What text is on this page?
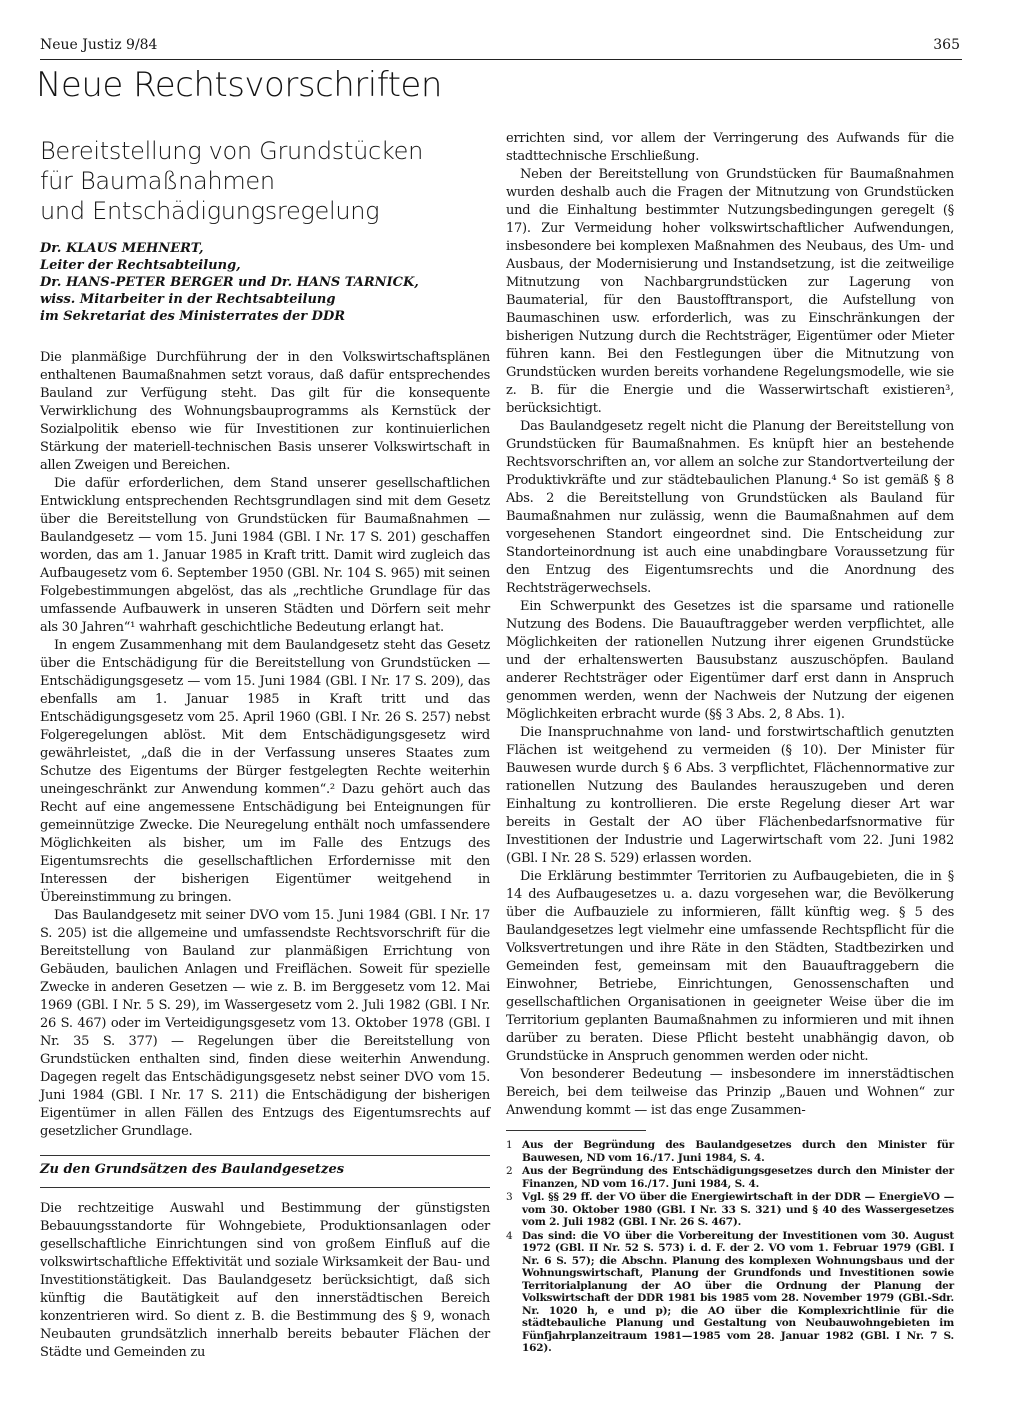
Neue Justiz 9/84	365
Neue Rechtsvorschriften
Bereitstellung von Grundstücken
für Baumaßnahmen
und Entschädigungsregelung
Dr. KLAUS MEHNERT,
Leiter der Rechtsabteilung,
Dr. HANS-PETER BERGER und Dr. HANS TARNICK,
wiss. Mitarbeiter in der Rechtsabteilung
im Sekretariat des Ministerrates der DDR

Die planmäßige Durchführung der in den Volkswirtschaftsplänen enthaltenen Baumaßnahmen setzt voraus, daß dafür entsprechendes Bauland zur Verfügung steht. Das gilt für die konsequente Verwirklichung des Wohnungsbauprogramms als Kernstück der Sozialpolitik ebenso wie für Investitionen zur kontinuierlichen Stärkung der materiell-technischen Basis unserer Volkswirtschaft in allen Zweigen und Bereichen.

Die dafür erforderlichen, dem Stand unserer gesellschaftlichen Entwicklung entsprechenden Rechtsgrundlagen sind mit dem Gesetz über die Bereitstellung von Grundstücken für Baumaßnahmen — Baulandgesetz — vom 15. Juni 1984 (GBl. I Nr. 17 S. 201) geschaffen worden, das am 1. Januar 1985 in Kraft tritt. Damit wird zugleich das Aufbaugesetz vom 6. September 1950 (GBl. Nr. 104 S. 965) mit seinen Folgebestimmungen abgelöst, das als „rechtliche Grundlage für das umfassende Aufbauwerk in unseren Städten und Dörfern seit mehr als 30 Jahren“¹ wahrhaft geschichtliche Bedeutung erlangt hat.

In engem Zusammenhang mit dem Baulandgesetz steht das Gesetz über die Entschädigung für die Bereitstellung von Grundstücken — Entschädigungsgesetz — vom 15. Juni 1984 (GBl. I Nr. 17 S. 209), das ebenfalls am 1. Januar 1985 in Kraft tritt und das Entschädigungsgesetz vom 25. April 1960 (GBl. I Nr. 26 S. 257) nebst Folgeregelungen ablöst. Mit dem Entschädigungsgesetz wird gewährleistet, „daß die in der Verfassung unseres Staates zum Schutze des Eigentums der Bürger festgelegten Rechte weiterhin uneingeschränkt zur Anwendung kommen“.² Dazu gehört auch das Recht auf eine angemessene Entschädigung bei Enteignungen für gemeinnützige Zwecke. Die Neuregelung enthält noch umfassendere Möglichkeiten als bisher, um im Falle des Entzugs des Eigentumsrechts die gesellschaftlichen Erfordernisse mit den Interessen der bisherigen Eigentümer weitgehend in Übereinstimmung zu bringen.

Das Baulandgesetz mit seiner DVO vom 15. Juni 1984 (GBl. I Nr. 17 S. 205) ist die allgemeine und umfassendste Rechtsvorschrift für die Bereitstellung von Bauland zur planmäßigen Errichtung von Gebäuden, baulichen Anlagen und Freiflächen. Soweit für spezielle Zwecke in anderen Gesetzen — wie z. B. im Berggesetz vom 12. Mai 1969 (GBl. I Nr. 5 S. 29), im Wassergesetz vom 2. Juli 1982 (GBl. I Nr. 26 S. 467) oder im Verteidigungsgesetz vom 13. Oktober 1978 (GBl. I Nr. 35 S. 377) — Regelungen über die Bereitstellung von Grundstücken enthalten sind, finden diese weiterhin Anwendung. Dagegen regelt das Entschädigungsgesetz nebst seiner DVO vom 15. Juni 1984 (GBl. I Nr. 17 S. 211) die Entschädigung der bisherigen Eigentümer in allen Fällen des Entzugs des Eigentumsrechts auf gesetzlicher Grundlage.

Zu den Grundsätzen des Baulandgesetzes

Die rechtzeitige Auswahl und Bestimmung der günstigsten Bebauungsstandorte für Wohngebiete, Produktionsanlagen oder gesellschaftliche Einrichtungen sind von großem Einfluß auf die volkswirtschaftliche Effektivität und soziale Wirksamkeit der Bau- und Investitionstätigkeit. Das Baulandgesetz berücksichtigt, daß sich künftig die Bautätigkeit auf den innerstädtischen Bereich konzentrieren wird. So dient z. B. die Bestimmung des § 9, wonach Neubauten grundsätzlich innerhalb bereits bebauter Flächen der Städte und Gemeinden zu

errichten sind, vor allem der Verringerung des Aufwands für die stadttechnische Erschließung.

Neben der Bereitstellung von Grundstücken für Baumaßnahmen wurden deshalb auch die Fragen der Mitnutzung von Grundstücken und die Einhaltung bestimmter Nutzungsbedingungen geregelt (§ 17). Zur Vermeidung hoher volkswirtschaftlicher Aufwendungen, insbesondere bei komplexen Maßnahmen des Neubaus, des Um- und Ausbaus, der Modernisierung und Instandsetzung, ist die zeitweilige Mitnutzung von Nachbargrundstücken zur Lagerung von Baumaterial, für den Baustofftransport, die Aufstellung von Baumaschinen usw. erforderlich, was zu Einschränkungen der bisherigen Nutzung durch die Rechtsträger, Eigentümer oder Mieter führen kann. Bei den Festlegungen über die Mitnutzung von Grundstücken wurden bereits vorhandene Regelungsmodelle, wie sie z. B. für die Energie und die Wasserwirtschaft existieren³, berücksichtigt.

Das Baulandgesetz regelt nicht die Planung der Bereitstellung von Grundstücken für Baumaßnahmen. Es knüpft hier an bestehende Rechtsvorschriften an, vor allem an solche zur Standortverteilung der Produktivkräfte und zur städtebaulichen Planung.⁴ So ist gemäß § 8 Abs. 2 die Bereitstellung von Grundstücken als Bauland für Baumaßnahmen nur zulässig, wenn die Baumaßnahmen auf dem vorgesehenen Standort eingeordnet sind. Die Entscheidung zur Standorteinordnung ist auch eine unabdingbare Voraussetzung für den Entzug des Eigentumsrechts und die Anordnung des Rechtsträgerwechsels.

Ein Schwerpunkt des Gesetzes ist die sparsame und rationelle Nutzung des Bodens. Die Bauauftraggeber werden verpflichtet, alle Möglichkeiten der rationellen Nutzung ihrer eigenen Grundstücke und der erhaltenswerten Bausubstanz auszuschöpfen. Bauland anderer Rechtsträger oder Eigentümer darf erst dann in Anspruch genommen werden, wenn der Nachweis der Nutzung der eigenen Möglichkeiten erbracht wurde (§§ 3 Abs. 2, 8 Abs. 1).

Die Inanspruchnahme von land- und forstwirtschaftlich genutzten Flächen ist weitgehend zu vermeiden (§ 10). Der Minister für Bauwesen wurde durch § 6 Abs. 3 verpflichtet, Flächennormative zur rationellen Nutzung des Baulandes herauszugeben und deren Einhaltung zu kontrollieren. Die erste Regelung dieser Art war bereits in Gestalt der AO über Flächenbedarfsnormative für Investitionen der Industrie und Lagerwirtschaft vom 22. Juni 1982 (GBl. I Nr. 28 S. 529) erlassen worden.

Die Erklärung bestimmter Territorien zu Aufbaugebieten, die in § 14 des Aufbaugesetzes u. a. dazu vorgesehen war, die Bevölkerung über die Aufbauziele zu informieren, fällt künftig weg. § 5 des Baulandgesetzes legt vielmehr eine umfassende Rechtspflicht für die Volksvertretungen und ihre Räte in den Städten, Stadtbezirken und Gemeinden fest, gemeinsam mit den Bauauftraggebern die Einwohner, Betriebe, Einrichtungen, Genossenschaften und gesellschaftlichen Organisationen in geeigneter Weise über die im Territorium geplanten Baumaßnahmen zu informieren und mit ihnen darüber zu beraten. Diese Pflicht besteht unabhängig davon, ob Grundstücke in Anspruch genommen werden oder nicht.

Von besonderer Bedeutung — insbesondere im innerstädtischen Bereich, bei dem teilweise das Prinzip „Bauen und Wohnen“ zur Anwendung kommt — ist das enge Zusammen-

1 Aus der Begründung des Baulandgesetzes durch den Minister für Bauwesen, ND vom 16./17. Juni 1984, S. 4.
2 Aus der Begründung des Entschädigungsgesetzes durch den Minister der Finanzen, ND vom 16./17. Juni 1984, S. 4.
3 Vgl. §§ 29 ff. der VO über die Energiewirtschaft in der DDR — EnergieVO — vom 30. Oktober 1980 (GBl. I Nr. 33 S. 321) und § 40 des Wassergesetzes vom 2. Juli 1982 (GBl. I Nr. 26 S. 467).
4 Das sind: die VO über die Vorbereitung der Investitionen vom 30. August 1972 (GBl. II Nr. 52 S. 573) i. d. F. der 2. VO vom 1. Februar 1979 (GBl. I Nr. 6 S. 57); die Abschn. Planung des komplexen Wohnungsbaus und der Wohnungswirtschaft, Planung der Grundfonds und Investitionen sowie Territorialplanung der AO über die Ordnung der Planung der Volkswirtschaft der DDR 1981 bis 1985 vom 28. November 1979 (GBl.-Sdr. Nr. 1020 h, e und p); die AO über die Komplexrichtlinie für die städtebauliche Planung und Gestaltung von Neubauwohngebieten im Fünfjahrplanzeitraum 1981—1985 vom 28. Januar 1982 (GBl. I Nr. 7 S. 162).
